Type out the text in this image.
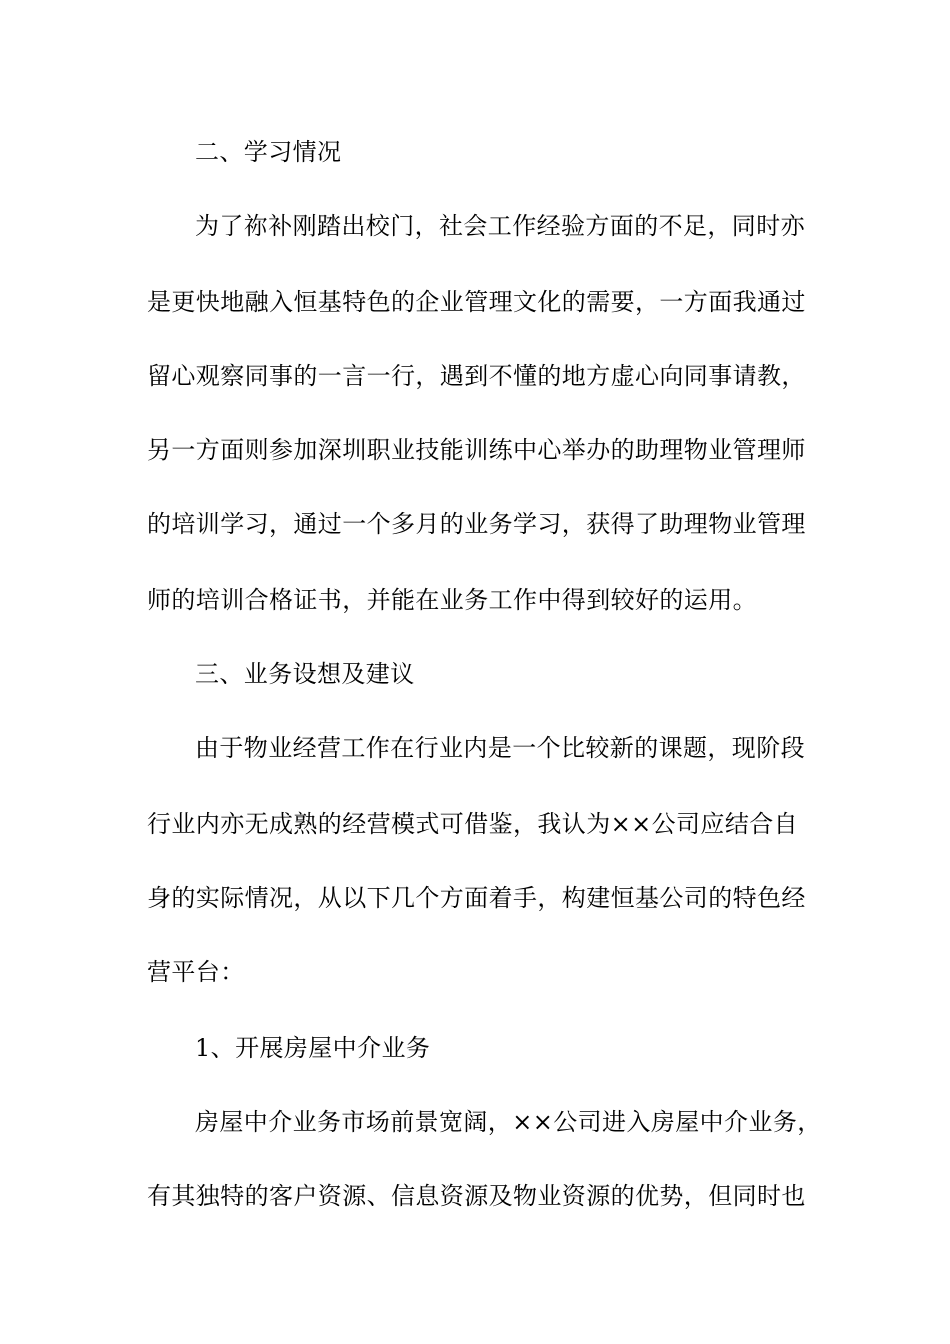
二、学习情况
为了祢补刚踏出校门，社会工作经验方面的不足，同时亦
是更快地融入恒基特色的企业管理文化的需要，一方面我通过
留心观察同事的一言一行，遇到不懂的地方虚心向同事请教，
另一方面则参加深圳职业技能训练中心举办的助理物业管理师
的培训学习，通过一个多月的业务学习，获得了助理物业管理
师的培训合格证书，并能在业务工作中得到较好的运用。
三、业务设想及建议
由于物业经营工作在行业内是一个比较新的课题，现阶段
行业内亦无成熟的经营模式可借鉴，我认为××公司应结合自
身的实际情况，从以下几个方面着手，构建恒基公司的特色经
营平台：
1、开展房屋中介业务
房屋中介业务市场前景宽阔，××公司进入房屋中介业务，
有其独特的客户资源、信息资源及物业资源的优势，但同时也
